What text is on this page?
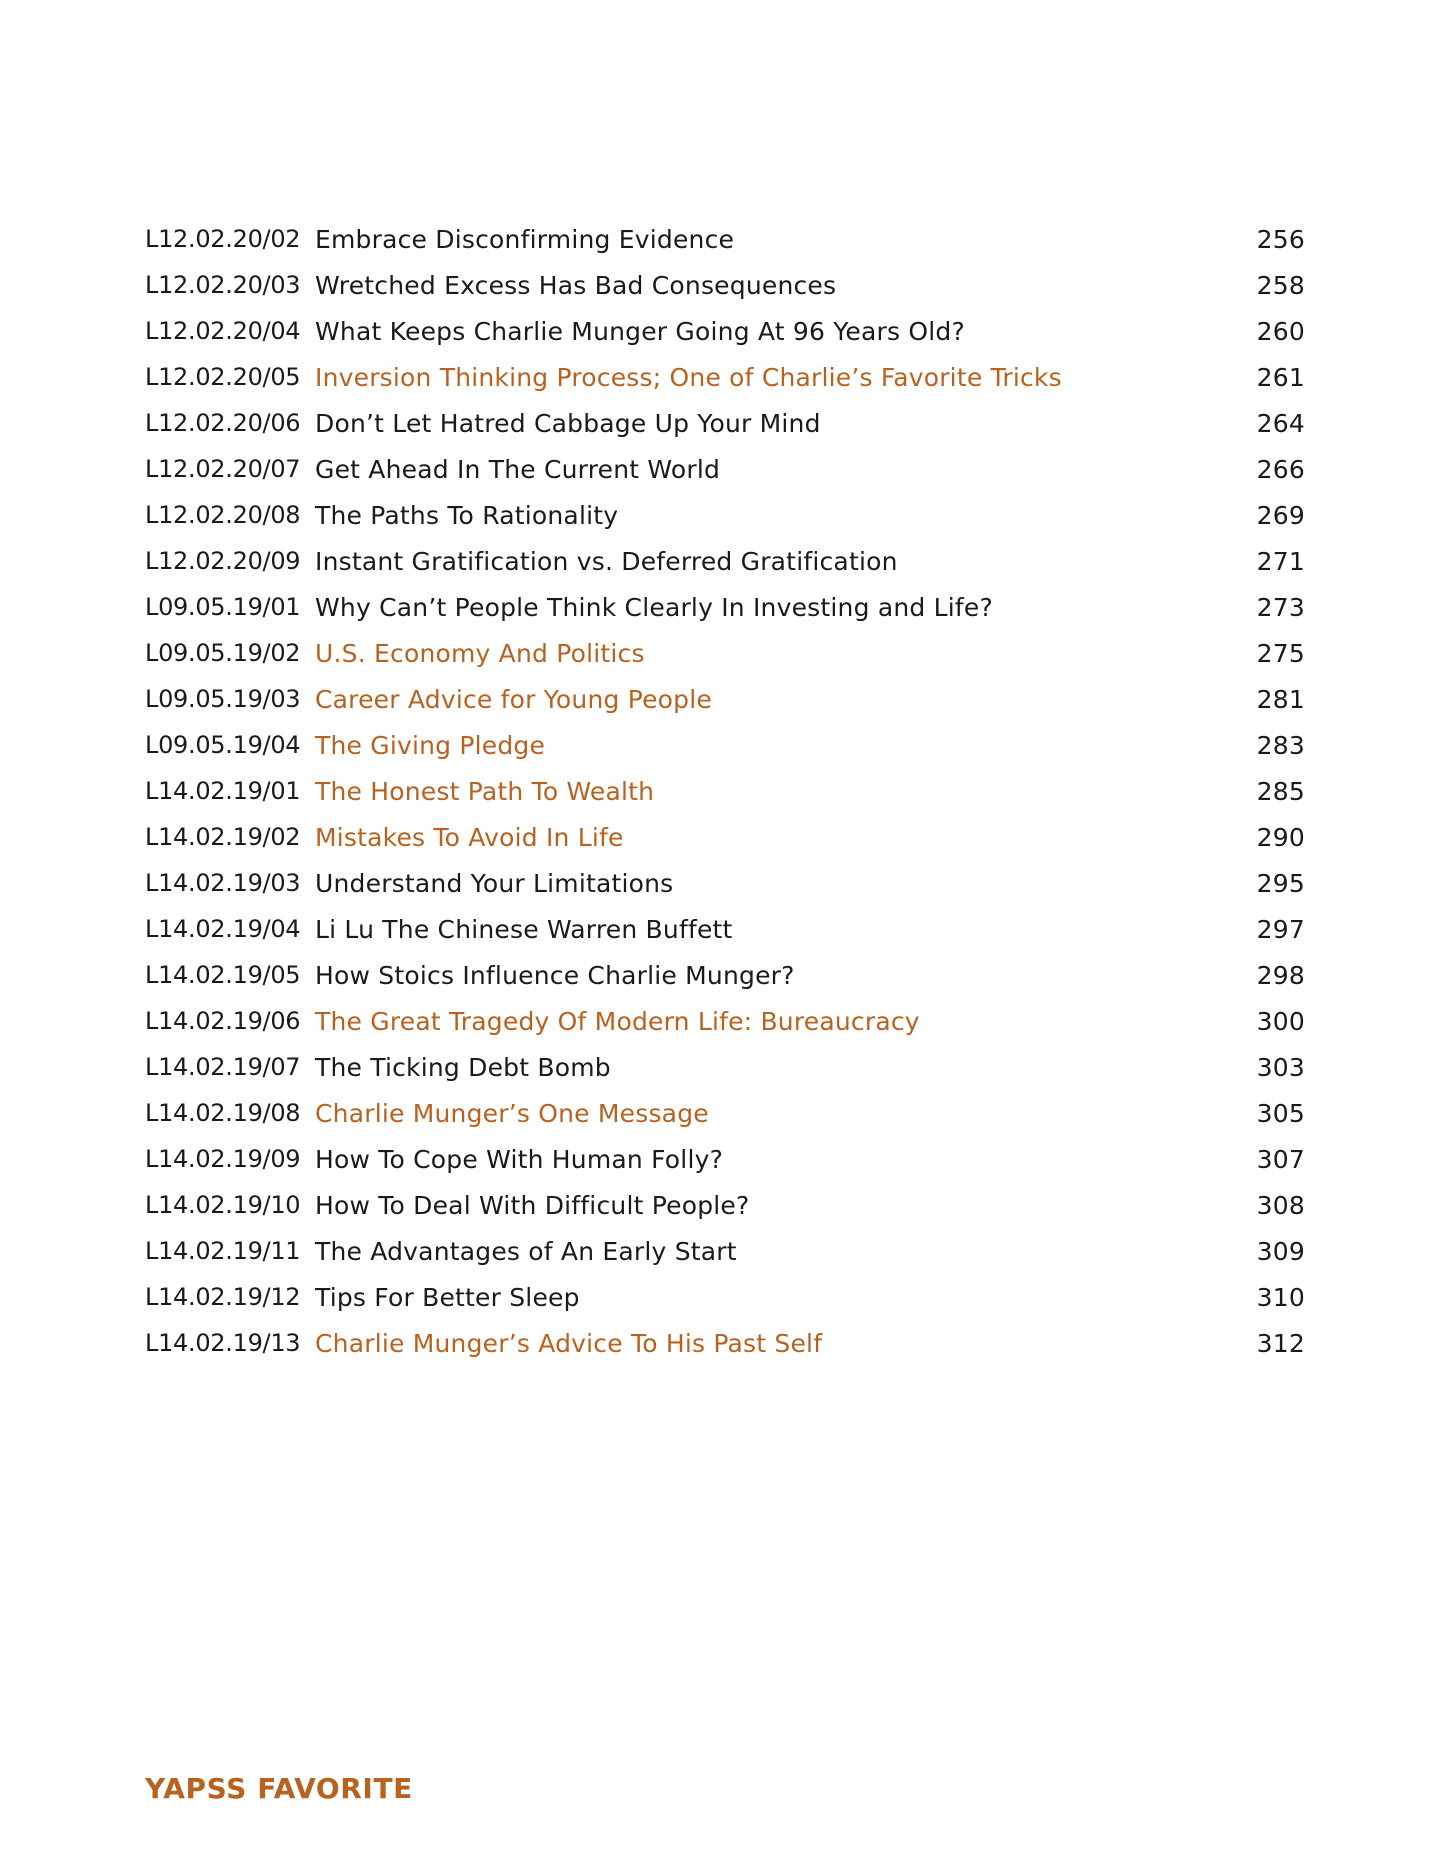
L12.02.20/02 Embrace Disconfirming Evidence	256
L12.02.20/03 Wretched Excess Has Bad Consequences	258
L12.02.20/04 What Keeps Charlie Munger Going At 96 Years Old?	260
L12.02.20/05 Inversion Thinking Process; One of Charlie’s Favorite Tricks	261
L12.02.20/06 Don’t Let Hatred Cabbage Up Your Mind	264
L12.02.20/07 Get Ahead In The Current World	266
L12.02.20/08 The Paths To Rationality	269
L12.02.20/09 Instant Gratification vs. Deferred Gratification	271
L09.05.19/01 Why Can’t People Think Clearly In Investing and Life?	273
L09.05.19/02 U.S. Economy And Politics	275
L09.05.19/03 Career Advice for Young People	281
L09.05.19/04 The Giving Pledge	283
L14.02.19/01 The Honest Path To Wealth	285
L14.02.19/02 Mistakes To Avoid In Life	290
L14.02.19/03 Understand Your Limitations	295
L14.02.19/04 Li Lu The Chinese Warren Buffett	297
L14.02.19/05 How Stoics Influence Charlie Munger?	298
L14.02.19/06 The Great Tragedy Of Modern Life: Bureaucracy	300
L14.02.19/07 The Ticking Debt Bomb	303
L14.02.19/08 Charlie Munger’s One Message	305
L14.02.19/09 How To Cope With Human Folly?	307
L14.02.19/10 How To Deal With Difficult People?	308
L14.02.19/11 The Advantages of An Early Start	309
L14.02.19/12 Tips For Better Sleep	310
L14.02.19/13 Charlie Munger’s Advice To His Past Self	312
YAPSS FAVORITE
